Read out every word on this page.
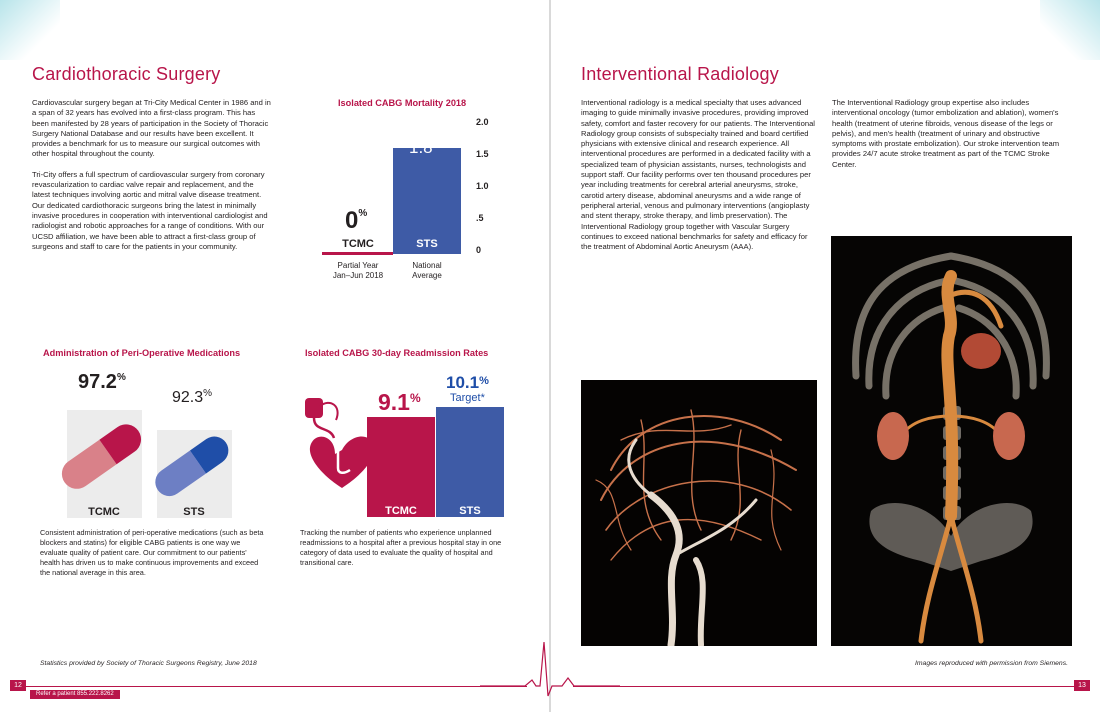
Cardiothoracic Surgery

Cardiovascular surgery began at Tri-City Medical Center in 1986 and in a span of 32 years has evolved into a first-class program. This has been manifested by 28 years of participation in the Society of Thoracic Surgery National Database and our results have been excellent. It provides a benchmark for us to measure our surgical outcomes with other hospital throughout the county.

Tri-City offers a full spectrum of cardiovascular surgery from coronary revascularization to cardiac valve repair and replacement, and the latest techniques involving aortic and mitral valve disease treatment. Our dedicated cardiothoracic surgeons bring the latest in minimally invasive procedures in cooperation with interventional cardiologist and radiologist and robotic approaches for a range of conditions. With our UCSD affiliation, we have been able to attract a first-class group of surgeons and staff to care for the patients in your community.

Isolated CABG Mortality 2018
1.8%
STS
0%
TCMC
2.0
1.5
1.0
.5
0
Partial Year
Jan–Jun 2018
National
Average
Administration of Peri-Operative Medications
97.2%
92.3%
TCMC	STS
Consistent administration of peri-operative medications (such as beta blockers and statins) for eligible CABG patients is one way we evaluate quality of patient care. Our commitment to our patients' health has driven us to make continuous improvements and exceed the national average in this area.
Isolated CABG 30-day Readmission Rates
9.1%
10.1%
Target*
TCMC	STS
Tracking the number of patients who experience unplanned readmissions to a hospital after a previous hospital stay in one category of data used to evaluate the quality of hospital and transitional care.
Statistics provided by Society of Thoracic Surgeons Registry, June 2018
12
Refer a patient 855.222.8262
Interventional Radiology
Interventional radiology is a medical specialty that uses advanced imaging to guide minimally invasive procedures, providing improved safety, comfort and faster recovery for our patients. The Interventional Radiology group consists of subspecialty trained and board certified physicians with extensive clinical and research experience. All interventional procedures are performed in a dedicated facility with a specialized team of physician assistants, nurses, technologists and support staff. Our facility performs over ten thousand procedures per year including treatments for cerebral arterial aneurysms, stroke, carotid artery disease, abdominal aneurysms and a wide range of peripheral arterial, venous and pulmonary interventions (angioplasty and stent therapy, stroke therapy, and limb preservation). The Interventional Radiology group together with Vascular Surgery continues to exceed national benchmarks for safety and efficacy for the treatment of Abdominal Aortic Aneurysm (AAA).
The Interventional Radiology group expertise also includes interventional oncology (tumor embolization and ablation), women's health (treatment of uterine fibroids, venous disease of the legs or pelvis), and men's health (treatment of urinary and obstructive symptoms with prostate embolization). Our stroke intervention team provides 24/7 acute stroke treatment as part of the TCMC Stroke Center.
Images reproduced with permission from Siemens.
13
